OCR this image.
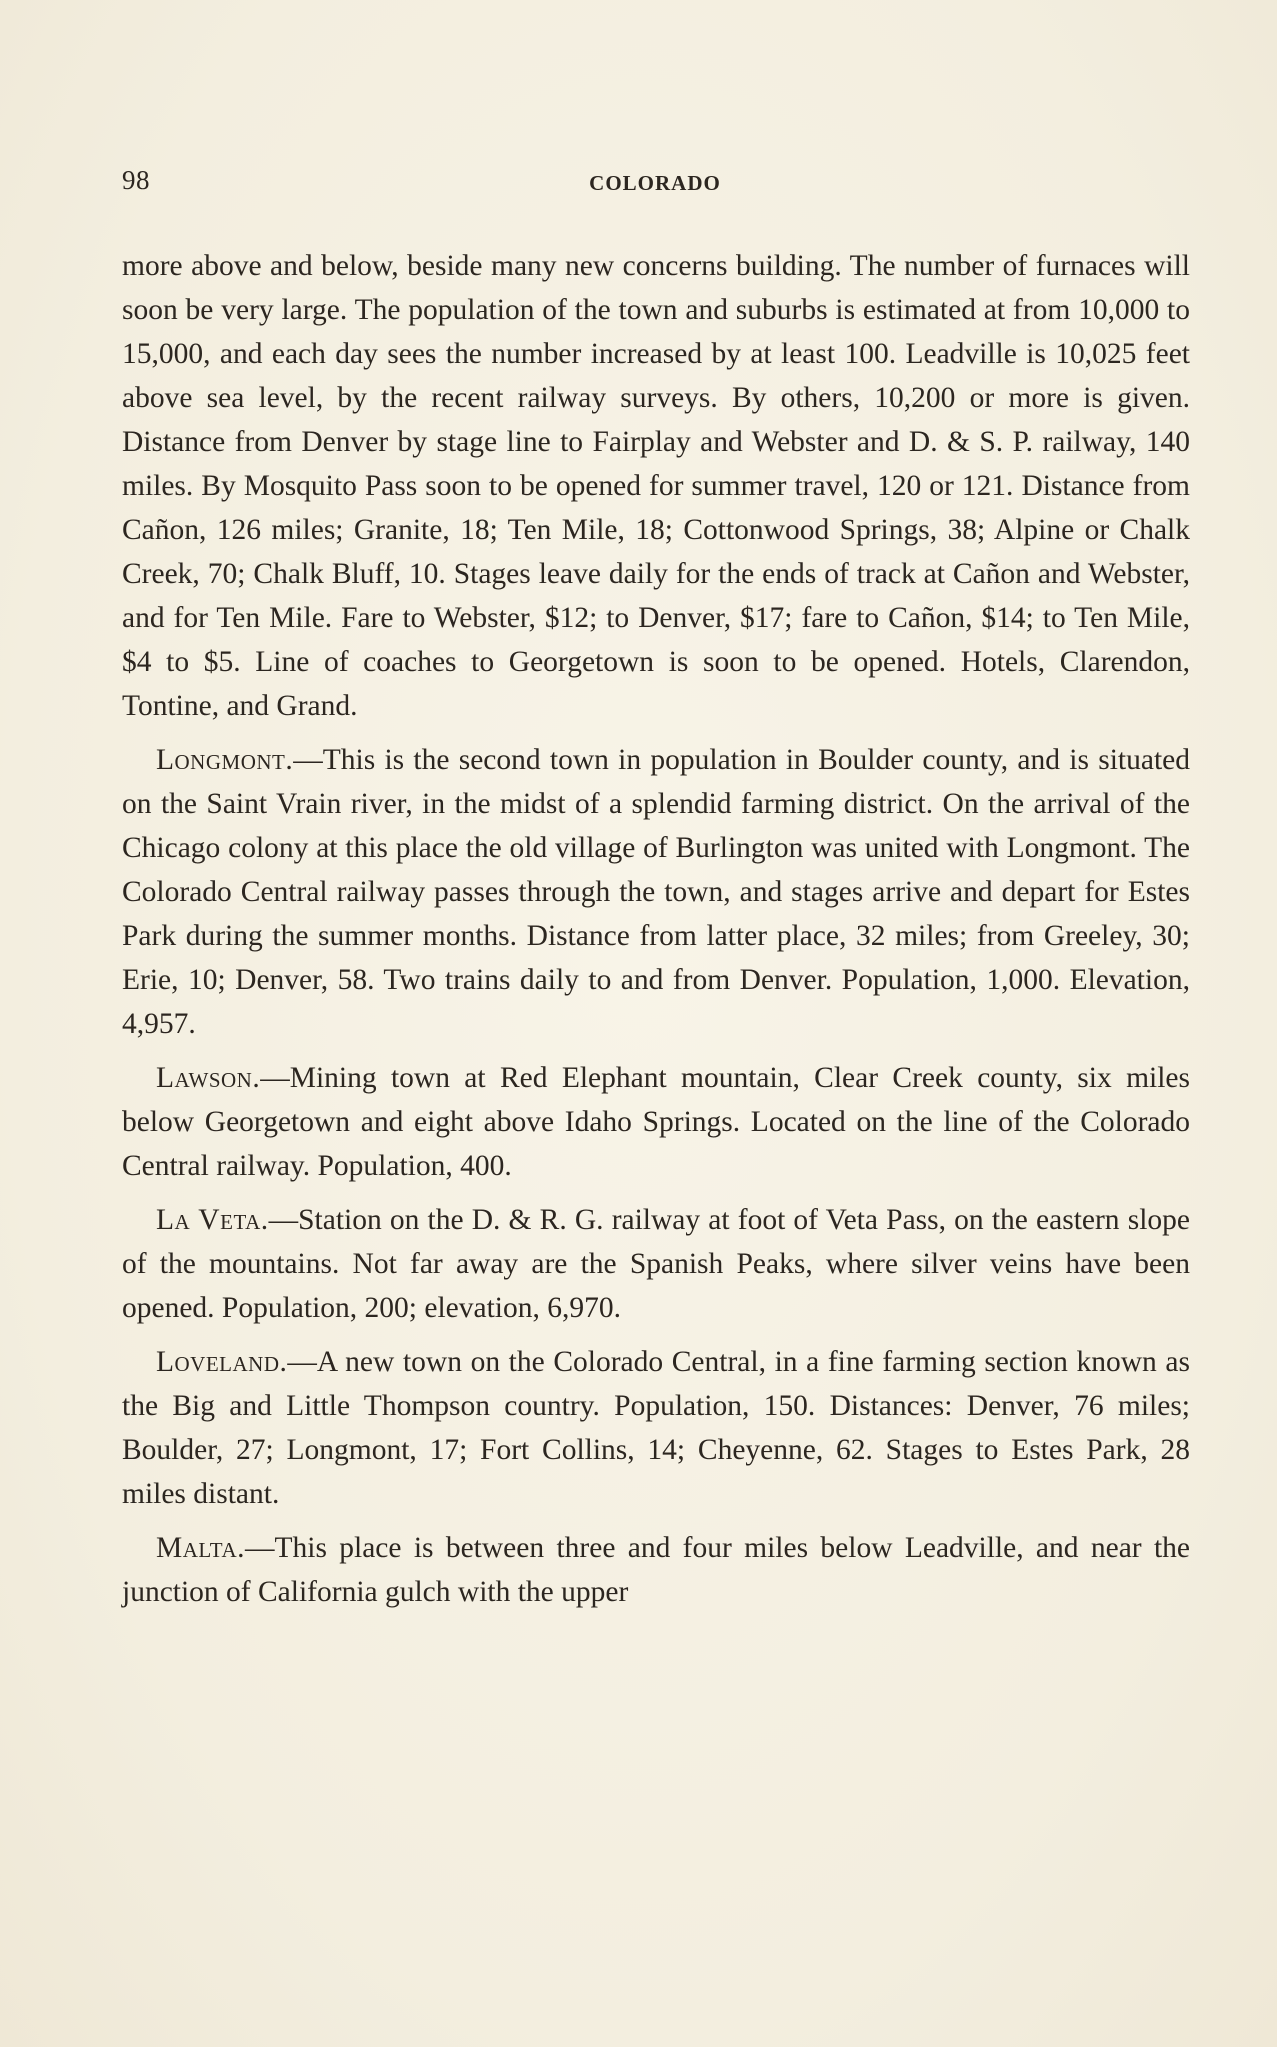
98	COLORADO

more above and below, beside many new concerns building. The number of furnaces will soon be very large. The population of the town and suburbs is estimated at from 10,000 to 15,000, and each day sees the number increased by at least 100. Leadville is 10,025 feet above sea level, by the recent railway surveys. By others, 10,200 or more is given. Distance from Denver by stage line to Fairplay and Webster and D. & S. P. railway, 140 miles. By Mosquito Pass soon to be opened for summer travel, 120 or 121. Distance from Cañon, 126 miles; Granite, 18; Ten Mile, 18; Cottonwood Springs, 38; Alpine or Chalk Creek, 70; Chalk Bluff, 10. Stages leave daily for the ends of track at Cañon and Webster, and for Ten Mile. Fare to Webster, $12; to Denver, $17; fare to Cañon, $14; to Ten Mile, $4 to $5. Line of coaches to Georgetown is soon to be opened. Hotels, Clarendon, Tontine, and Grand.

Longmont.—This is the second town in population in Boulder county, and is situated on the Saint Vrain river, in the midst of a splendid farming district. On the arrival of the Chicago colony at this place the old village of Burlington was united with Longmont. The Colorado Central railway passes through the town, and stages arrive and depart for Estes Park during the summer months. Distance from latter place, 32 miles; from Greeley, 30; Erie, 10; Denver, 58. Two trains daily to and from Denver. Population, 1,000. Elevation, 4,957.

Lawson.—Mining town at Red Elephant mountain, Clear Creek county, six miles below Georgetown and eight above Idaho Springs. Located on the line of the Colorado Central railway. Population, 400.

La Veta.—Station on the D. & R. G. railway at foot of Veta Pass, on the eastern slope of the mountains. Not far away are the Spanish Peaks, where silver veins have been opened. Population, 200; elevation, 6,970.

Loveland.—A new town on the Colorado Central, in a fine farming section known as the Big and Little Thompson country. Population, 150. Distances: Denver, 76 miles; Boulder, 27; Longmont, 17; Fort Collins, 14; Cheyenne, 62. Stages to Estes Park, 28 miles distant.

Malta.—This place is between three and four miles below Leadville, and near the junction of California gulch with the upper
